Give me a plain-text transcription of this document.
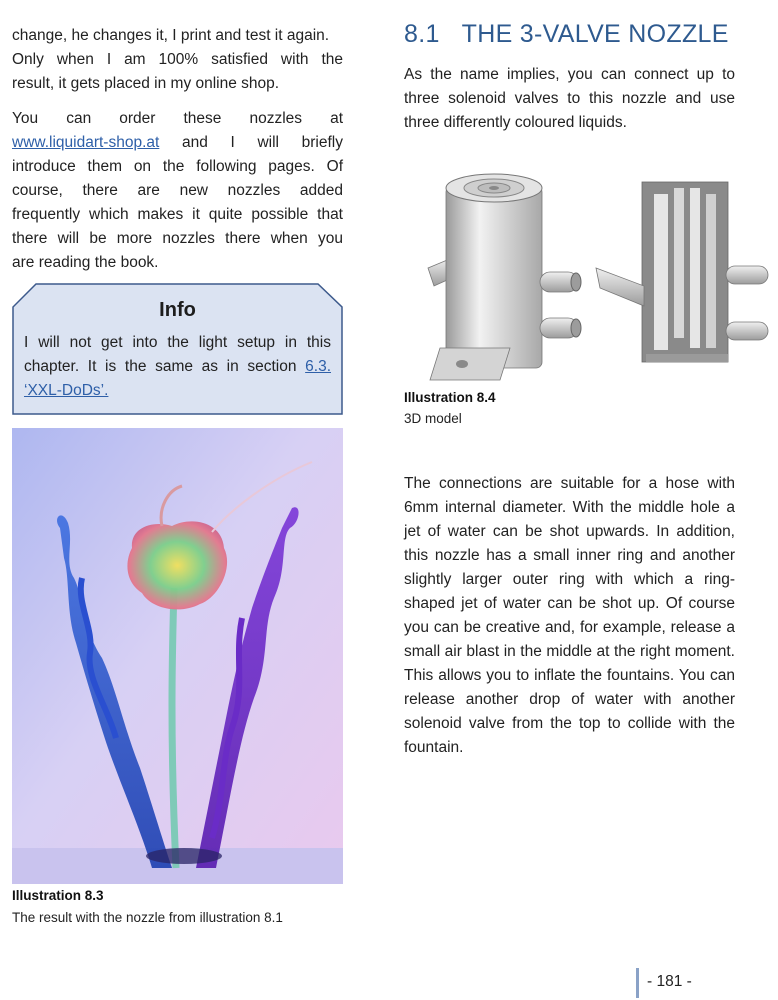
change, he changes it, I print and test it again.
Only when I am 100% satisfied with the
result, it gets placed in my online shop.
You can order these nozzles at
www.liquidart-shop.at and I will briefly
introduce them on the following pages. Of
course, there are new nozzles added
frequently which makes it quite possible that
there will be more nozzles there when you
are reading the book.

Info

I will not get into the light setup in this chapter. It is the same as in section 6.3. ‘XXL-DoDs’.

Illustration 8.3

The result with the nozzle from illustration 8.1

8.1 THE 3-VALVE NOZZLE

As the name implies, you can connect up to three solenoid valves to this nozzle and use three differently coloured liquids.

Illustration 8.4

3D model

The connections are suitable for a hose with 6mm internal diameter. With the middle hole a jet of water can be shot upwards. In addition, this nozzle has a small inner ring and another slightly larger outer ring with which a ring-shaped jet of water can be shot up. Of course you can be creative and, for example, release a small air blast in the middle at the right moment. This allows you to inflate the fountains. You can release another drop of water with another solenoid valve from the top to collide with the fountain.

- 181 -
